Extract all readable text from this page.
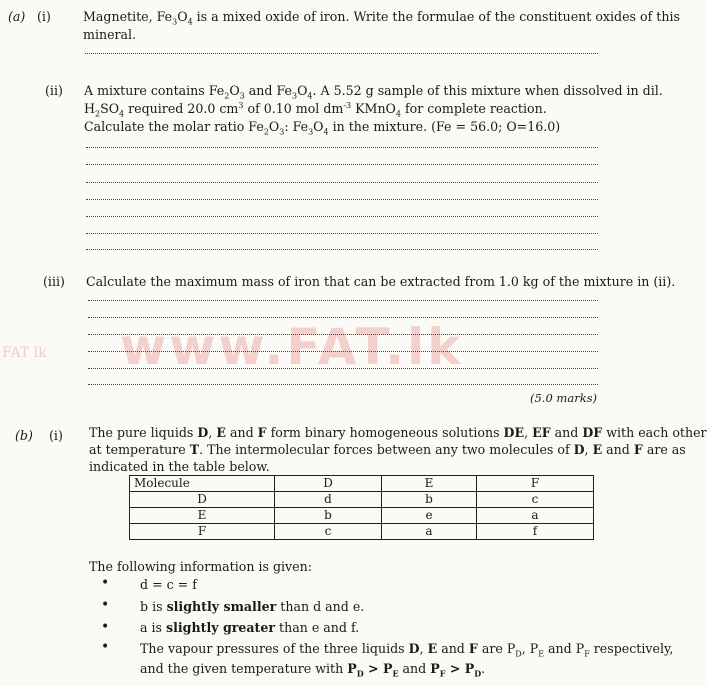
www.FAT.lk
FAT lk
(a) (i)	Magnetite, $Fe_3O_4$ is a mixed oxide of iron. Write the formulae of the constituent oxides of this
mineral.
(ii) A mixture contains $Fe_2O_3$ and $Fe_3O_4$. A 5.52 g sample of this mixture when dissolved in dil.
$H_2SO_4$ required 20.0 $cm^3$ of 0.10 mol $dm^{-3}$ KMnO$_4$ for complete reaction.
Calculate the molar ratio $Fe_2O_3$: $Fe_3O_4$ in the mixture. (Fe = 56.0; O=16.0)
(iii) Calculate the maximum mass of iron that can be extracted from 1.0 kg of the mixture in (ii).
(5.0 marks)
(b) (i) The pure liquids D, E and F form binary homogeneous solutions DE, EF and DF with each other
at temperature T. The intermolecular forces between any two molecules of D, E and F are as
indicated in the table below.
Molecule	D	E	F
D	d	b	c
E	b	e	a
F	c	a	f
The following information is given:
• d = c = f
• b is slightly smaller than d and e.
• a is slightly greater than e and f.
• The vapour pressures of the three liquids D, E and F are $P_D$, $P_E$ and $P_F$ respectively,
and the given temperature with $P_D > P_E$ and $P_F > P_D$.
